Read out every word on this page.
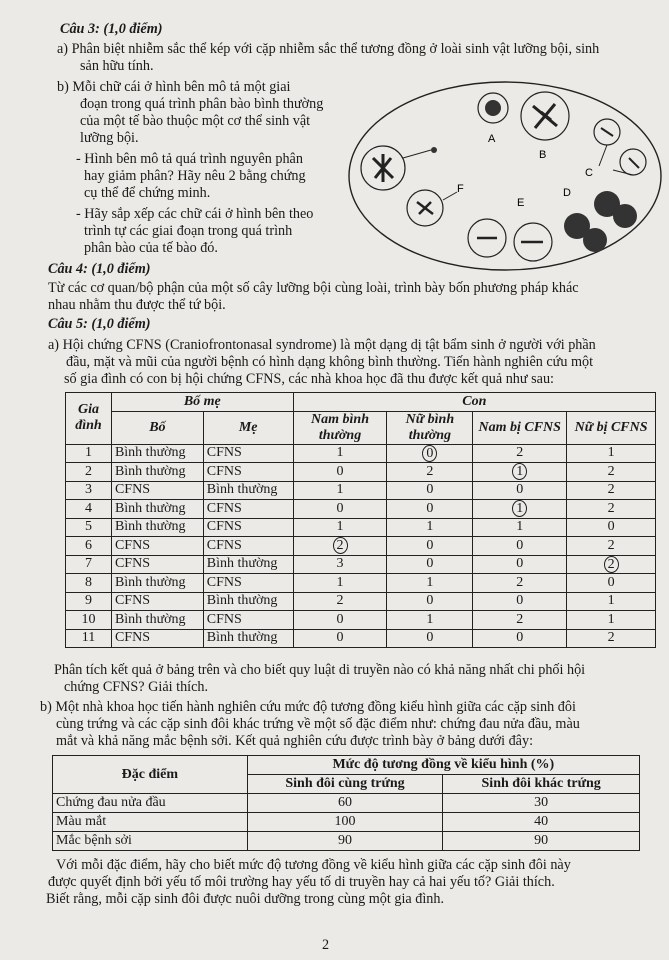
Câu 3: (1,0 điểm)
a) Phân biệt nhiễm sắc thể kép với cặp nhiễm sắc thể tương đồng ở loài sinh vật lưỡng bội, sinh
sản hữu tính.
b) Mỗi chữ cái ở hình bên mô tả một giai
đoạn trong quá trình phân bào bình thường
của một tế bào thuộc một cơ thể sinh vật
lưỡng bội.
- Hình bên mô tả quá trình nguyên phân
hay giảm phân? Hãy nêu 2 bằng chứng
cụ thể để chứng minh.
- Hãy sắp xếp các chữ cái ở hình bên theo
trình tự các giai đoạn trong quá trình
phân bào của tế bào đó.
A
B
C
D
E
F
Câu 4: (1,0 điểm)
Từ các cơ quan/bộ phận của một số cây lưỡng bội cùng loài, trình bày bốn phương pháp khác
nhau nhằm thu được thể tứ bội.
Câu 5: (1,0 điểm)
a) Hội chứng CFNS (Craniofrontonasal syndrome) là một dạng dị tật bẩm sinh ở người với phần
đầu, mặt và mũi của người bệnh có hình dạng không bình thường. Tiến hành nghiên cứu một
số gia đình có con bị hội chứng CFNS, các nhà khoa học đã thu được kết quả như sau:
Gia đình	Bố mẹ		Con			
	Bố	Mẹ	Nam bình thường	Nữ bình thường	Nam bị CFNS	Nữ bị CFNS
1	Bình thường	CFNS	1	0	2	1
2	Bình thường	CFNS	0	2	1	2
3	CFNS	Bình thường	1	0	0	2
4	Bình thường	CFNS	0	0	1	2
5	Bình thường	CFNS	1	1	1	0
6	CFNS	CFNS	2	0	0	2
7	CFNS	Bình thường	3	0	0	2
8	Bình thường	CFNS	1	1	2	0
9	CFNS	Bình thường	2	0	0	1
10	Bình thường	CFNS	0	1	2	1
11	CFNS	Bình thường	0	0	0	2
Phân tích kết quả ở bảng trên và cho biết quy luật di truyền nào có khả năng nhất chi phối hội
chứng CFNS? Giải thích.
b) Một nhà khoa học tiến hành nghiên cứu mức độ tương đồng kiểu hình giữa các cặp sinh đôi
cùng trứng và các cặp sinh đôi khác trứng về một số đặc điểm như: chứng đau nửa đầu, màu
mắt và khả năng mắc bệnh sởi. Kết quả nghiên cứu được trình bày ở bảng dưới đây:
Đặc điểm	Mức độ tương đồng về kiểu hình (%)	
	Sinh đôi cùng trứng	Sinh đôi khác trứng
Chứng đau nửa đầu	60	30
Màu mắt	100	40
Mắc bệnh sởi	90	90
Với mỗi đặc điểm, hãy cho biết mức độ tương đồng về kiểu hình giữa các cặp sinh đôi này
được quyết định bởi yếu tố môi trường hay yếu tố di truyền hay cả hai yếu tố? Giải thích.
Biết rằng, mỗi cặp sinh đôi được nuôi dưỡng trong cùng một gia đình.
2
